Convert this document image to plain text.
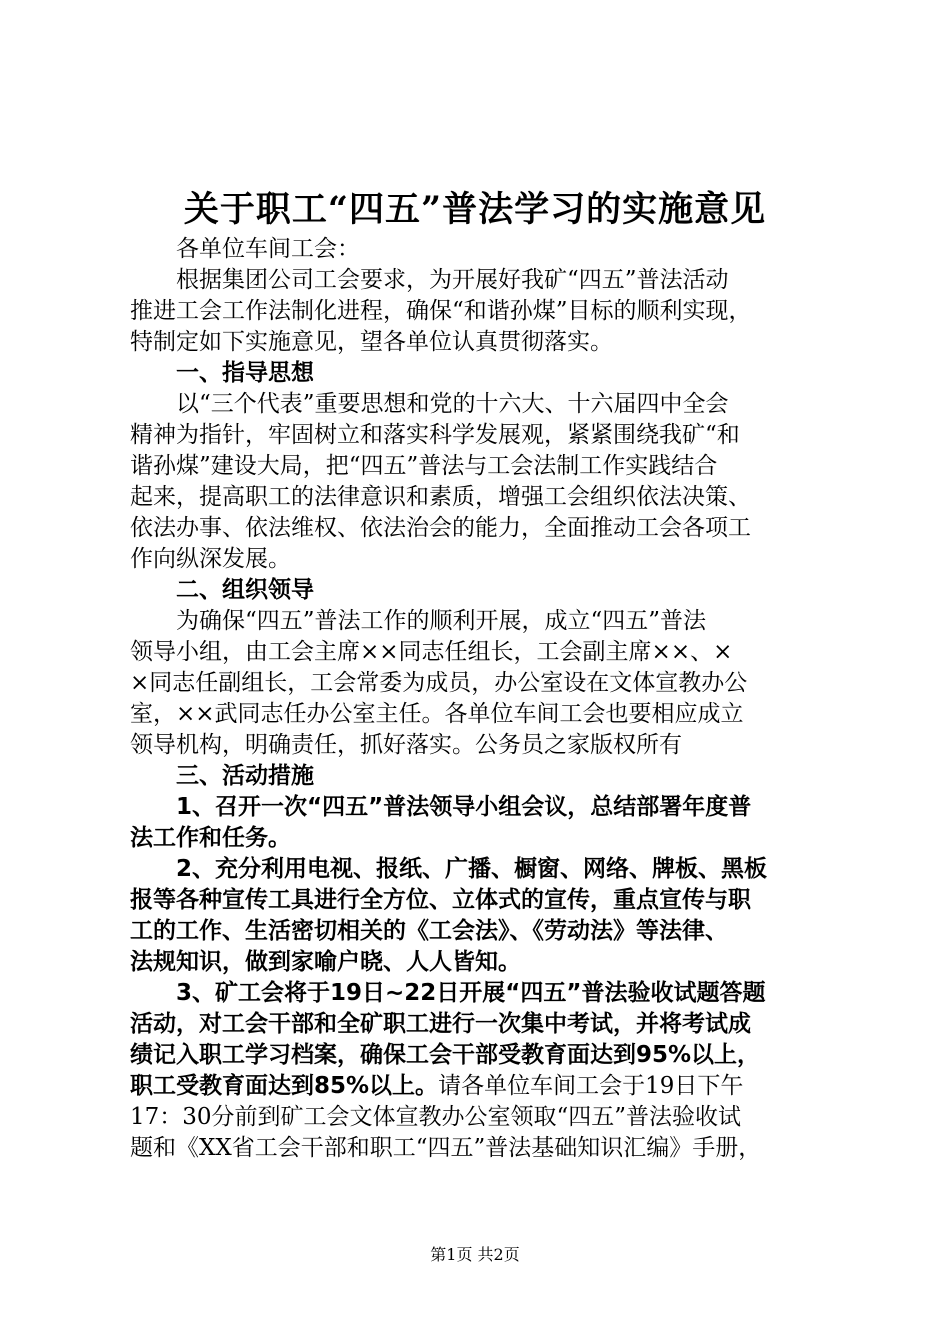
关于职工“四五”普法学习的实施意见

各单位车间工会：

根据集团公司工会要求，为开展好我矿“四五”普法活动

推进工会工作法制化进程，确保“和谐孙煤”目标的顺利实现，

特制定如下实施意见，望各单位认真贯彻落实。

一、指导思想

以“三个代表”重要思想和党的十六大、十六届四中全会

精神为指针，牢固树立和落实科学发展观，紧紧围绕我矿“和

谐孙煤”建设大局，把“四五”普法与工会法制工作实践结合

起来，提高职工的法律意识和素质，增强工会组织依法决策、

依法办事、依法维权、依法治会的能力，全面推动工会各项工

作向纵深发展。

二、组织领导

为确保“四五”普法工作的顺利开展，成立“四五”普法

领导小组，由工会主席××同志任组长，工会副主席××、×

×同志任副组长，工会常委为成员，办公室设在文体宣教办公

室，××武同志任办公室主任。各单位车间工会也要相应成立

领导机构，明确责任，抓好落实。公务员之家版权所有

三、活动措施

1、召开一次“四五”普法领导小组会议，总结部署年度普

法工作和任务。

2、充分利用电视、报纸、广播、橱窗、网络、牌板、黑板

报等各种宣传工具进行全方位、立体式的宣传，重点宣传与职

工的工作、生活密切相关的《工会法》、《劳动法》等法律、

法规知识，做到家喻户晓、人人皆知。

3、矿工会将于19日~22日开展“四五”普法验收试题答题

活动，对工会干部和全矿职工进行一次集中考试，并将考试成

绩记入职工学习档案，确保工会干部受教育面达到95%以上，

职工受教育面达到85%以上。请各单位车间工会于19日下午

17：30分前到矿工会文体宣教办公室领取“四五”普法验收试

题和《XX省工会干部和职工“四五”普法基础知识汇编》手册，

第1页 共2页
